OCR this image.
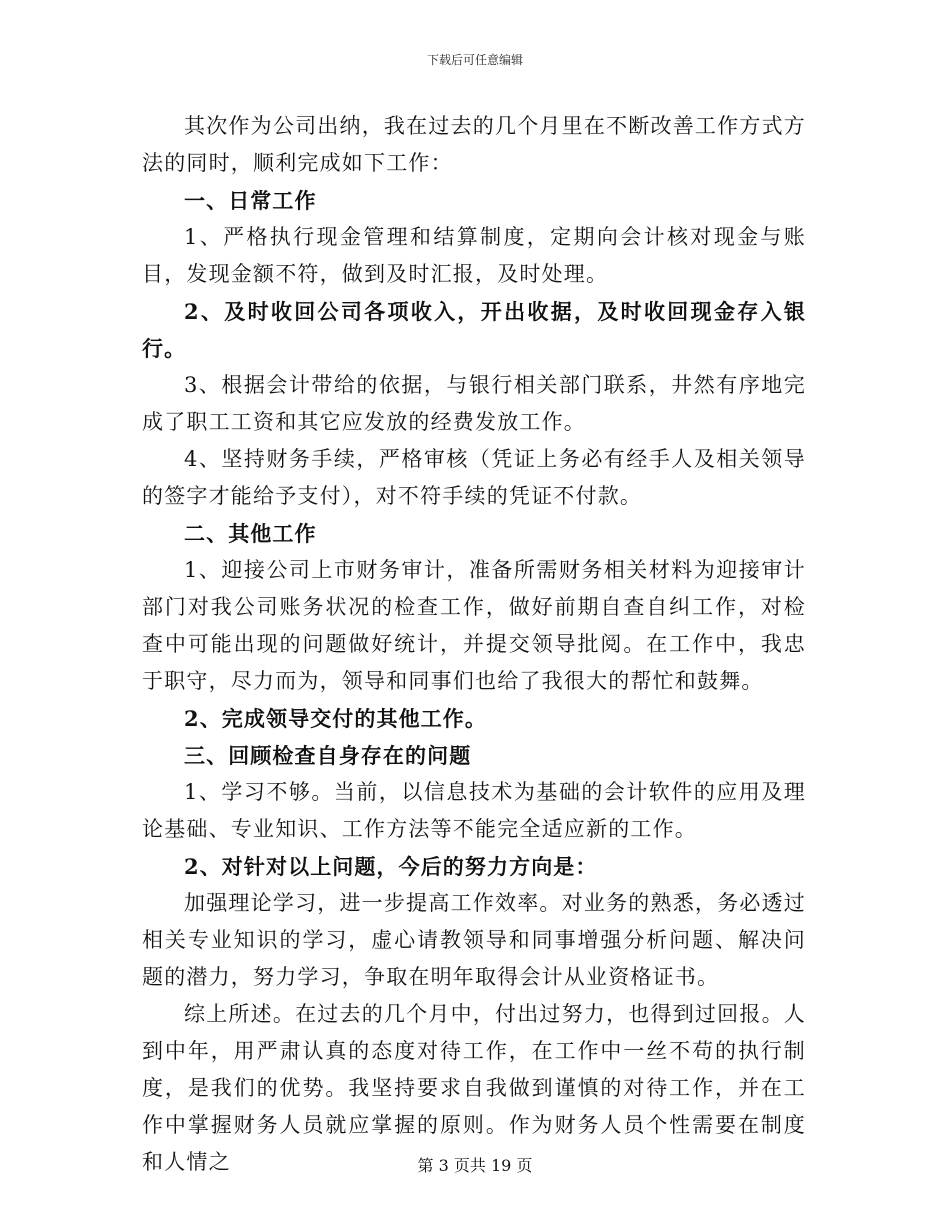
下载后可任意编辑

其次作为公司出纳，我在过去的几个月里在不断改善工作方式方法的同时，顺利完成如下工作：

一、日常工作

1、严格执行现金管理和结算制度，定期向会计核对现金与账目，发现金额不符，做到及时汇报，及时处理。

2、及时收回公司各项收入，开出收据，及时收回现金存入银行。

3、根据会计带给的依据，与银行相关部门联系，井然有序地完成了职工工资和其它应发放的经费发放工作。

4、坚持财务手续，严格审核（凭证上务必有经手人及相关领导的签字才能给予支付），对不符手续的凭证不付款。

二、其他工作

1、迎接公司上市财务审计，准备所需财务相关材料为迎接审计部门对我公司账务状况的检查工作，做好前期自查自纠工作，对检查中可能出现的问题做好统计，并提交领导批阅。在工作中，我忠于职守，尽力而为，领导和同事们也给了我很大的帮忙和鼓舞。

2、完成领导交付的其他工作。

三、回顾检查自身存在的问题

1、学习不够。当前，以信息技术为基础的会计软件的应用及理论基础、专业知识、工作方法等不能完全适应新的工作。

2、对针对以上问题，今后的努力方向是：

加强理论学习，进一步提高工作效率。对业务的熟悉，务必透过相关专业知识的学习，虚心请教领导和同事增强分析问题、解决问题的潜力，努力学习，争取在明年取得会计从业资格证书。

综上所述。在过去的几个月中，付出过努力，也得到过回报。人到中年，用严肃认真的态度对待工作，在工作中一丝不苟的执行制度，是我们的优势。我坚持要求自我做到谨慎的对待工作，并在工作中掌握财务人员就应掌握的原则。作为财务人员个性需要在制度和人情之	第 3 页共 19 页
